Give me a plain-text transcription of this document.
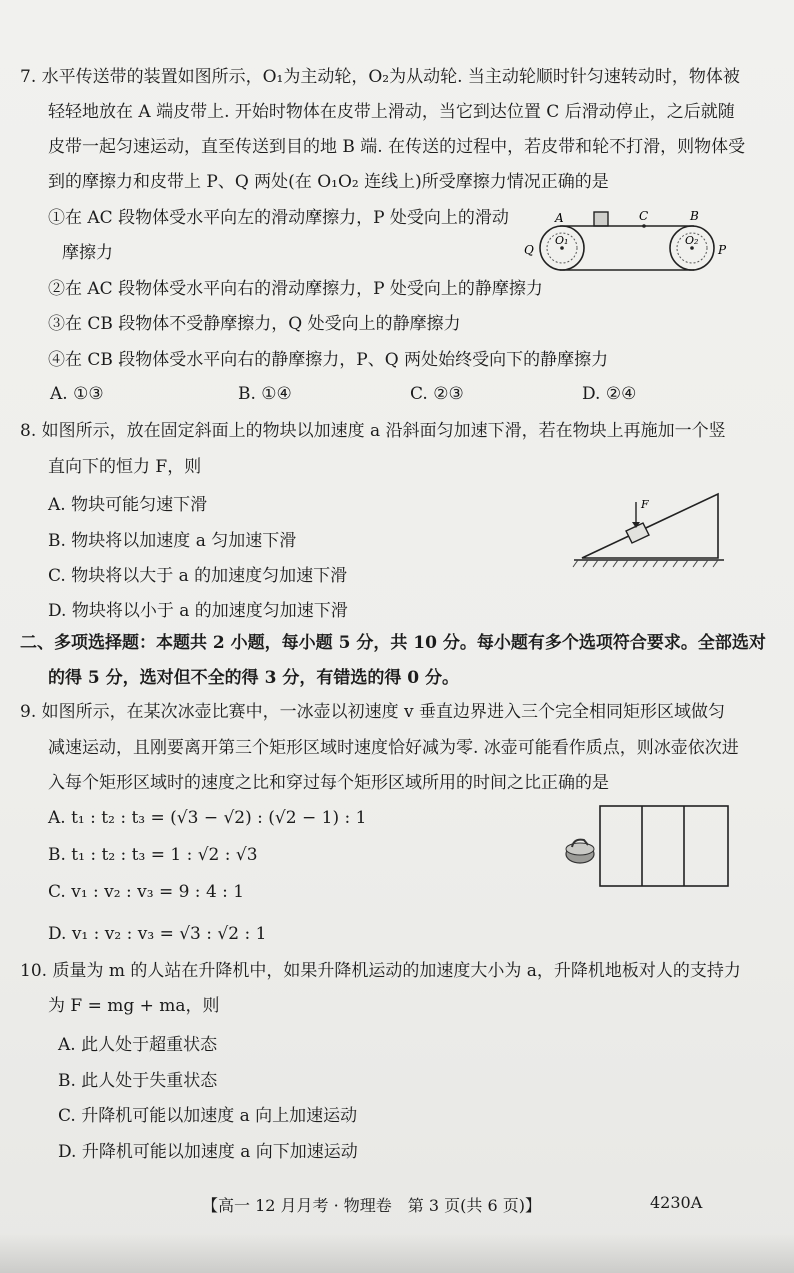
7. 水平传送带的装置如图所示，O₁为主动轮，O₂为从动轮. 当主动轮顺时针匀速转动时，物体被
轻轻地放在 A 端皮带上. 开始时物体在皮带上滑动，当它到达位置 C 后滑动停止，之后就随
皮带一起匀速运动，直至传送到目的地 B 端. 在传送的过程中，若皮带和轮不打滑，则物体受
到的摩擦力和皮带上 P、Q 两处(在 O₁O₂ 连线上)所受摩擦力情况正确的是
①在 AC 段物体受水平向左的滑动摩擦力，P 处受向上的滑动
摩擦力
②在 AC 段物体受水平向右的滑动摩擦力，P 处受向上的静摩擦力
③在 CB 段物体不受静摩擦力，Q 处受向上的静摩擦力
④在 CB 段物体受水平向右的静摩擦力，P、Q 两处始终受向下的静摩擦力
A. ①③	B. ①④	C. ②③	D. ②④
A	C	B
O₁	O₂
Q	P
8. 如图所示，放在固定斜面上的物块以加速度 a 沿斜面匀加速下滑，若在物块上再施加一个竖
直向下的恒力 F，则
A. 物块可能匀速下滑
B. 物块将以加速度 a 匀加速下滑
C. 物块将以大于 a 的加速度匀加速下滑
D. 物块将以小于 a 的加速度匀加速下滑
F
二、多项选择题：本题共 2 小题，每小题 5 分，共 10 分。每小题有多个选项符合要求。全部选对
的得 5 分，选对但不全的得 3 分，有错选的得 0 分。
9. 如图所示，在某次冰壶比赛中，一冰壶以初速度 v 垂直边界进入三个完全相同矩形区域做匀
减速运动，且刚要离开第三个矩形区域时速度恰好减为零. 冰壶可能看作质点，则冰壶依次进
入每个矩形区域时的速度之比和穿过每个矩形区域所用的时间之比正确的是
A. t₁ : t₂ : t₃ = (√3 − √2) : (√2 − 1) : 1
B. t₁ : t₂ : t₃ = 1 : √2 : √3
C. v₁ : v₂ : v₃ = 9 : 4 : 1
D. v₁ : v₂ : v₃ = √3 : √2 : 1
10. 质量为 m 的人站在升降机中，如果升降机运动的加速度大小为 a，升降机地板对人的支持力
为 F = mg + ma，则
A. 此人处于超重状态
B. 此人处于失重状态
C. 升降机可能以加速度 a 向上加速运动
D. 升降机可能以加速度 a 向下加速运动
【高一 12 月月考 · 物理卷　第 3 页(共 6 页)】	4230A
